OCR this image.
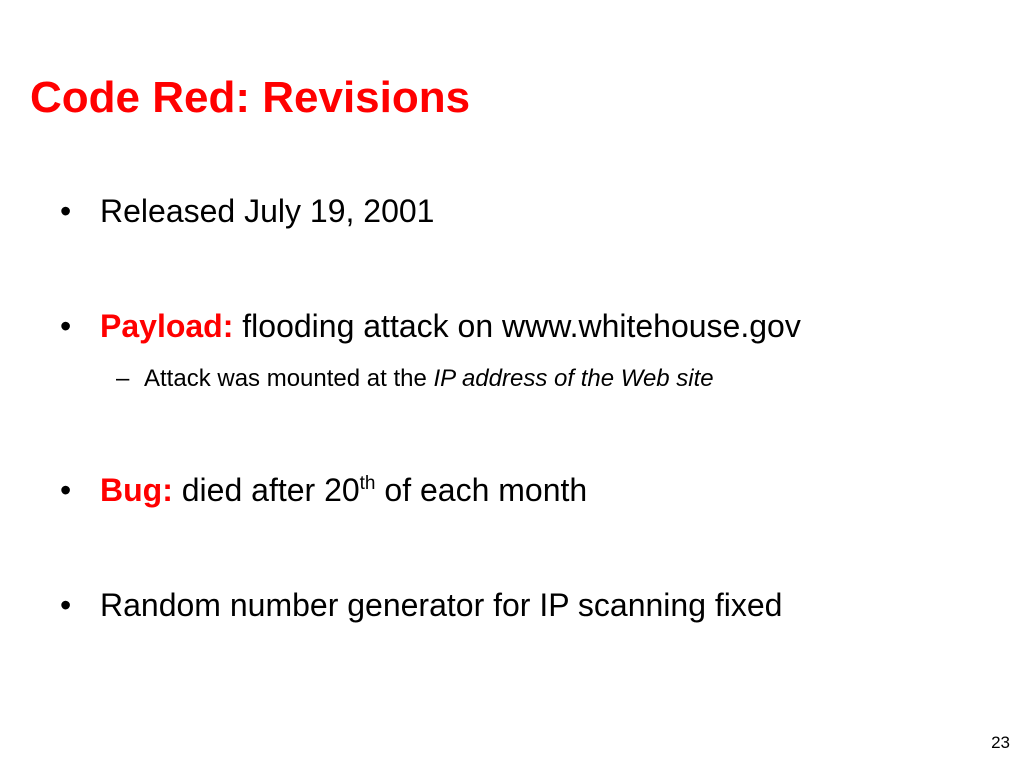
Code Red: Revisions
• Released July 19, 2001
• Payload: flooding attack on www.whitehouse.gov
– Attack was mounted at the IP address of the Web site
• Bug: died after 20th of each month
• Random number generator for IP scanning fixed
23
